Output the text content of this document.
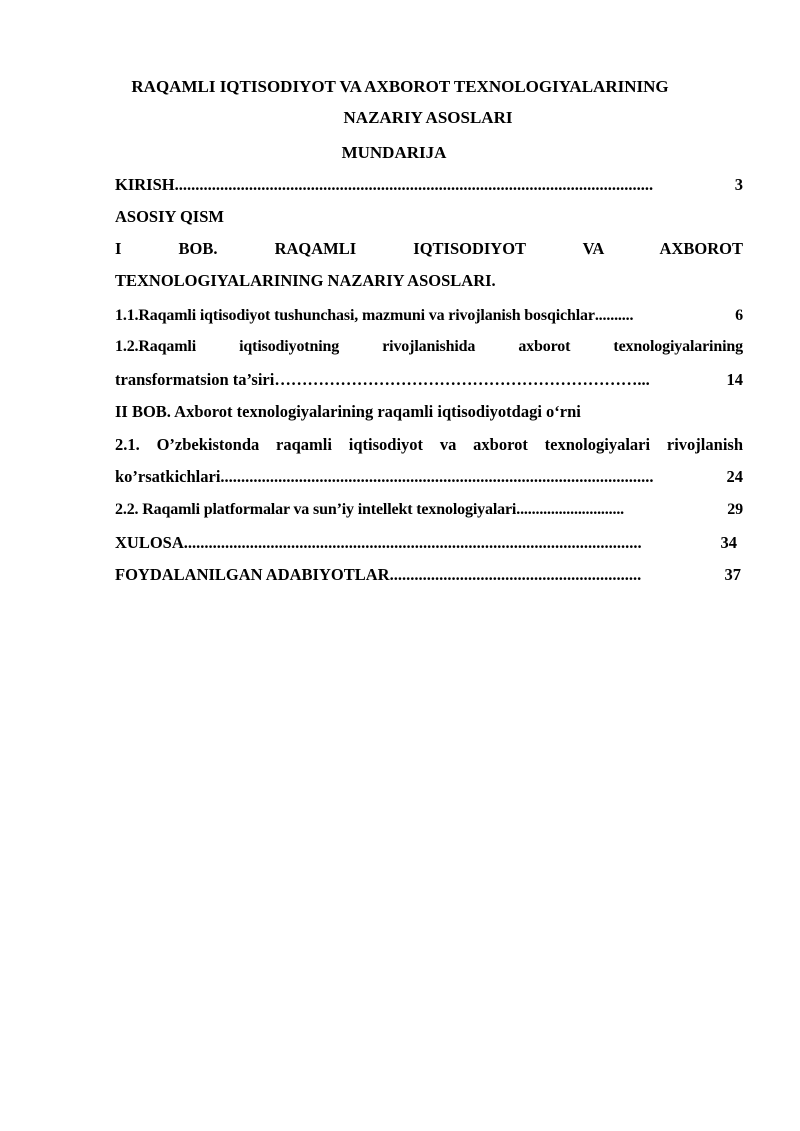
RAQAMLI IQTISODIYOT VA AXBOROT TEXNOLOGIYALARINING
NAZARIY ASOSLARI
MUNDARIJA
KIRISH ....................................................................................................................	3
ASOSIY QISM
I BOB. RAQAMLI IQTISODIYOT VA AXBOROT
TEXNOLOGIYALARINING NAZARIY ASOSLARI.
1.1.Raqamli iqtisodiyot tushunchasi, mazmuni va rivojlanish bosqichlar ..........	6
1.2.Raqamli iqtisodiyotning rivojlanishida axborot texnologiyalarining
transformatsion ta’siri …………………………………………………………...	14
II BOB. Axborot texnologiyalarining raqamli iqtisodiyotdagi o‘rni
2.1. O’zbekistonda raqamli iqtisodiyot va axborot texnologiyalari rivojlanish
ko’rsatkichlari .........................................................................................................	24
2.2. Raqamli platformalar va sun’iy intellekt texnologiyalari ............................	29
XULOSA ...............................................................................................................	34
FOYDALANILGAN ADABIYOTLAR .............................................................	37
